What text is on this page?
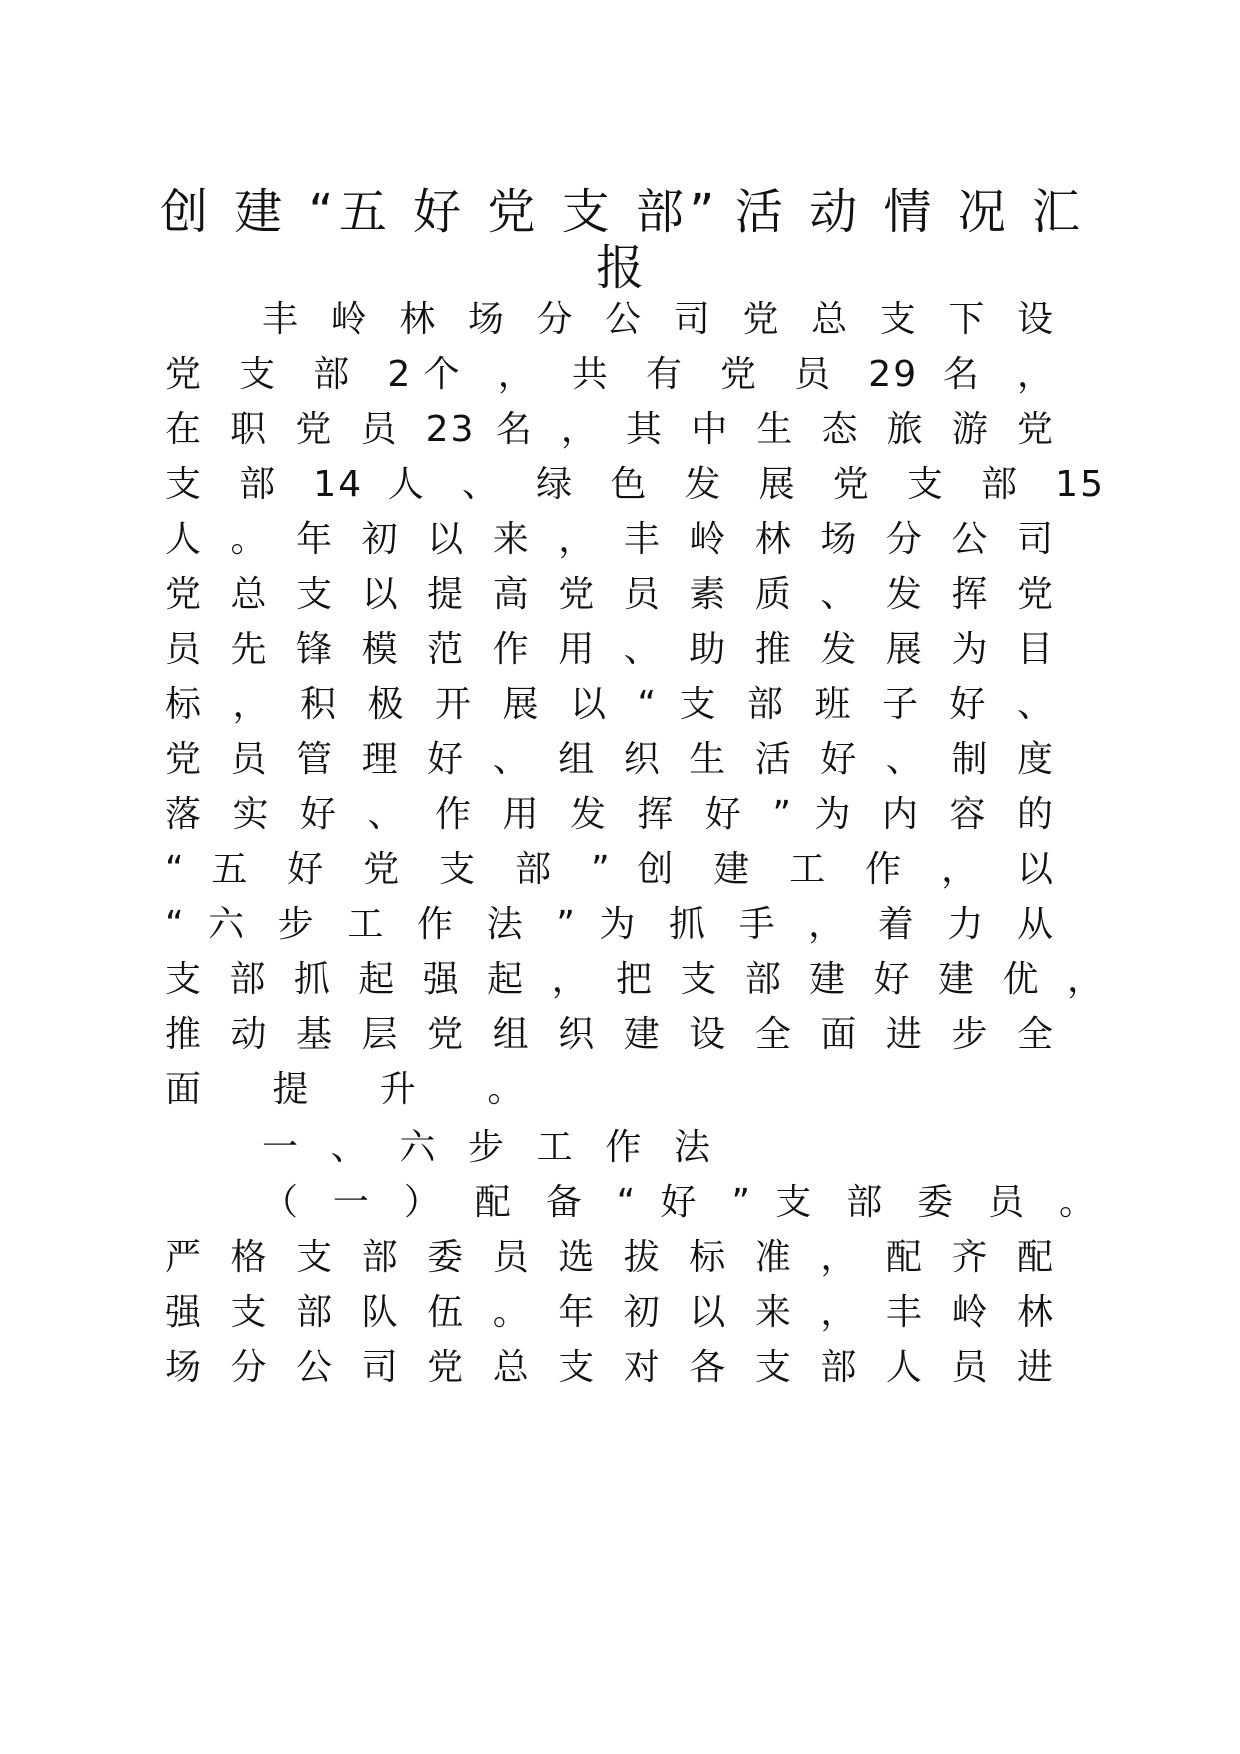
创 建 “五 好 党 支 部” 活 动 情 况 汇
报
丰 岭 林 场 分 公 司 党 总 支 下 设
党 支 部 2个 ， 共 有 党 员 29 名 ，
在 职 党 员 23 名 ， 其 中 生 态 旅 游 党
支 部 14 人 、 绿 色 发 展 党 支 部 15
人 。 年 初 以 来 ， 丰 岭 林 场 分 公 司
党 总 支 以 提 高 党 员 素 质 、 发 挥 党
员 先 锋 模 范 作 用 、 助 推 发 展 为 目
标 ， 积 极 开 展 以 “ 支 部 班 子 好 、
党 员 管 理 好 、 组 织 生 活 好 、 制 度
落 实 好 、 作 用 发 挥 好 ” 为 内 容 的
“ 五 好 党 支 部 ” 创 建 工 作 ， 以
“ 六 步 工 作 法 ” 为 抓 手 ， 着 力 从
支 部 抓 起 强 起 ， 把 支 部 建 好 建 优 ，
推 动 基 层 党 组 织 建 设 全 面 进 步 全
面 提 升 。
一 、 六 步 工 作 法
（ 一 ） 配 备 “ 好 ” 支 部 委 员 。
严 格 支 部 委 员 选 拔 标 准 ， 配 齐 配
强 支 部 队 伍 。 年 初 以 来 ， 丰 岭 林
场 分 公 司 党 总 支 对 各 支 部 人 员 进
